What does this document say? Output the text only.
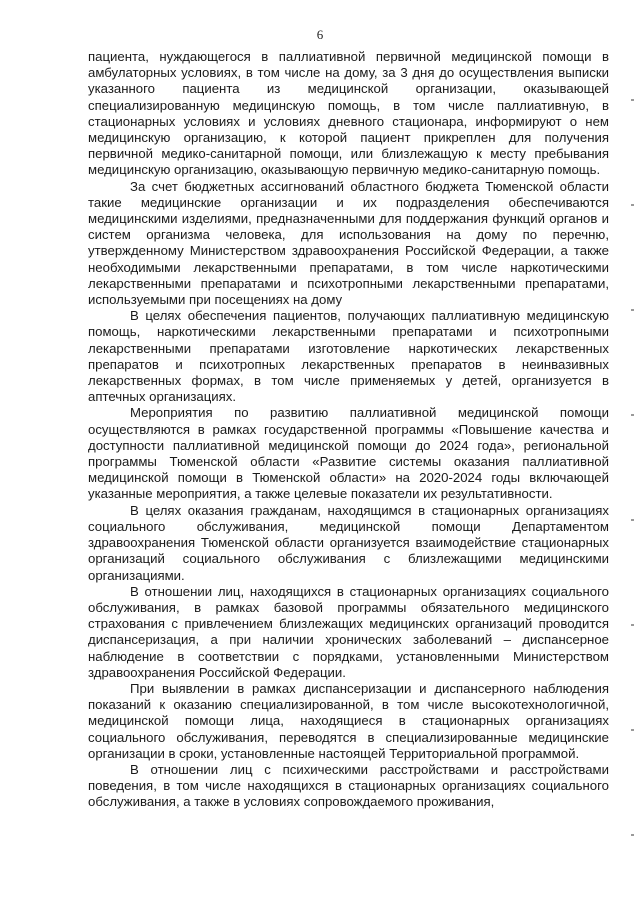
6

пациента, нуждающегося в паллиативной первичной медицинской помощи в амбулаторных условиях, в том числе на дому, за 3 дня до осуществления выписки указанного пациента из медицинской организации, оказывающей специализированную медицинскую помощь, в том числе паллиативную, в стационарных условиях и условиях дневного стационара, информируют о нем медицинскую организацию, к которой пациент прикреплен для получения первичной медико-санитарной помощи, или близлежащую к месту пребывания медицинскую организацию, оказывающую первичную медико-санитарную помощь.

За счет бюджетных ассигнований областного бюджета Тюменской области такие медицинские организации и их подразделения обеспечиваются медицинскими изделиями, предназначенными для поддержания функций органов и систем организма человека, для использования на дому по перечню, утвержденному Министерством здравоохранения Российской Федерации, а также необходимыми лекарственными препаратами, в том числе наркотическими лекарственными препаратами и психотропными лекарственными препаратами, используемыми при посещениях на дому

В целях обеспечения пациентов, получающих паллиативную медицинскую помощь, наркотическими лекарственными препаратами и психотропными лекарственными препаратами изготовление наркотических лекарственных препаратов и психотропных лекарственных препаратов в неинвазивных лекарственных формах, в том числе применяемых у детей, организуется в аптечных организациях.

Мероприятия по развитию паллиативной медицинской помощи осуществляются в рамках государственной программы «Повышение качества и доступности паллиативной медицинской помощи до 2024 года», региональной программы Тюменской области «Развитие системы оказания паллиативной медицинской помощи в Тюменской области» на 2020-2024 годы включающей указанные мероприятия, а также целевые показатели их результативности.

В целях оказания гражданам, находящимся в стационарных организациях социального обслуживания, медицинской помощи Департаментом здравоохранения Тюменской области организуется взаимодействие стационарных организаций социального обслуживания с близлежащими медицинскими организациями.

В отношении лиц, находящихся в стационарных организациях социального обслуживания, в рамках базовой программы обязательного медицинского страхования с привлечением близлежащих медицинских организаций проводится диспансеризация, а при наличии хронических заболеваний – диспансерное наблюдение в соответствии с порядками, установленными Министерством здравоохранения Российской Федерации.

При выявлении в рамках диспансеризации и диспансерного наблюдения показаний к оказанию специализированной, в том числе высокотехнологичной, медицинской помощи лица, находящиеся в стационарных организациях социального обслуживания, переводятся в специализированные медицинские организации в сроки, установленные настоящей Территориальной программой.

В отношении лиц с психическими расстройствами и расстройствами поведения, в том числе находящихся в стационарных организациях социального обслуживания, а также в условиях сопровождаемого проживания,
